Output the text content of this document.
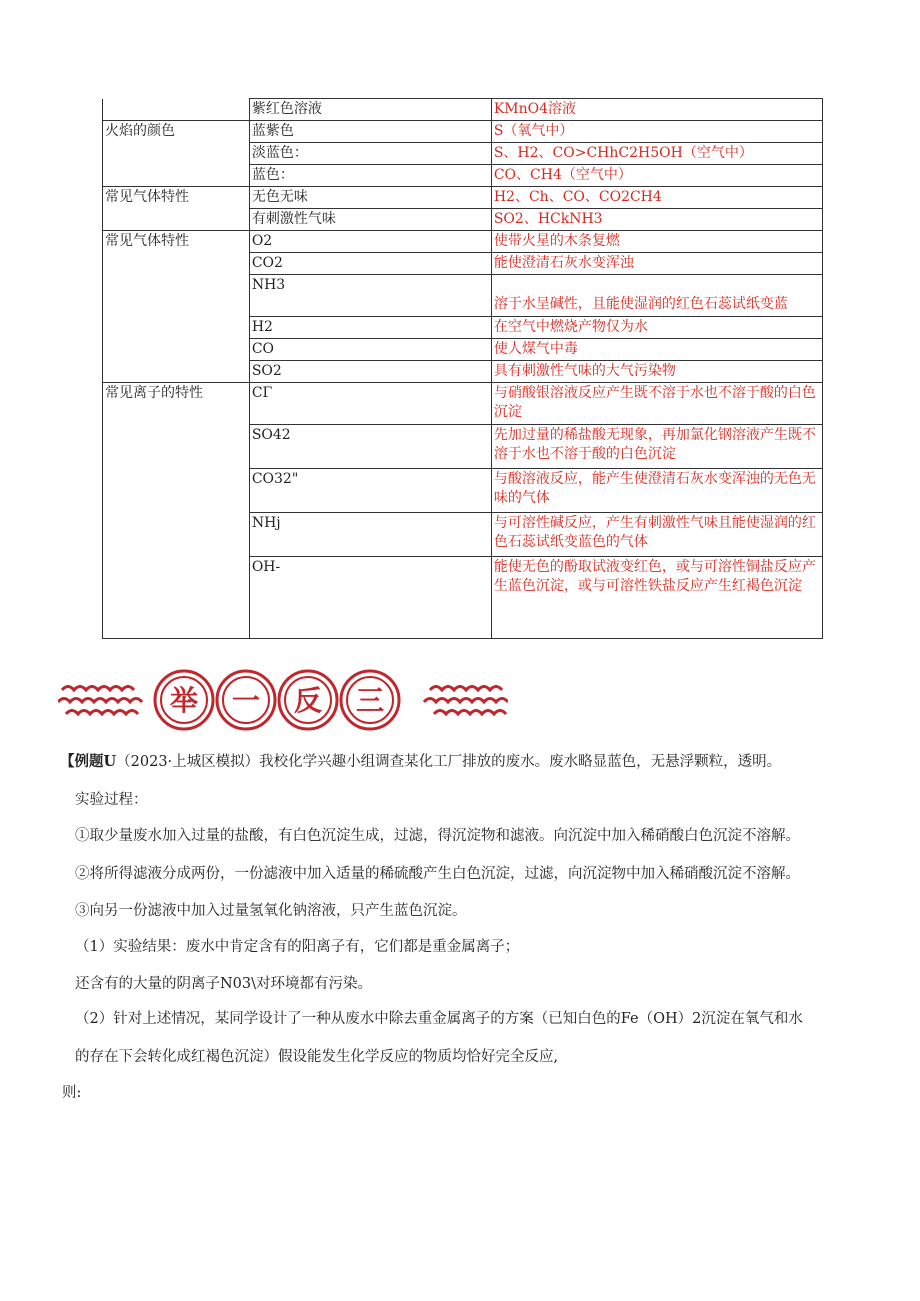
	紫红色溶液	KMnO4溶液
火焰的颜色	蓝紫色	S（氧气中）
	淡蓝色：	S、H2、CO>CHhC2H5OH（空气中）
	蓝色：	CO、CH4（空气中）
常见气体特性	无色无味	H2、Ch、CO、CO2CH4
	有刺激性气味	SO2、HCkNH3
常见气体特性	O2	使带火星的木条复燃
	CO2	能使澄清石灰水变浑浊
	NH3	溶于水呈碱性，且能使湿润的红色石蕊试纸变蓝
	H2	在空气中燃烧产物仅为水
	CO	使人煤气中毒
	SO2	具有刺激性气味的大气污染物
常见离子的特性	CΓ	与硝酸银溶液反应产生既不溶于水也不溶于酸的白色沉淀
	SO42	先加过量的稀盐酸无现象，再加氯化钢溶液产生既不溶于水也不溶于酸的白色沉淀
	CO32"	与酸溶液反应，能产生使澄清石灰水变浑浊的无色无味的气体
	NHj	与可溶性碱反应，产生有刺激性气味且能使湿润的红色石蕊试纸变蓝色的气体
	OH-	能使无色的酚取试液变红色，或与可溶性铜盐反应产生蓝色沉淀，或与可溶性铁盐反应产生红褐色沉淀
举 一 反 三
【例题U（2023·上城区模拟）我校化学兴趣小组调查某化工厂排放的废水。废水略显蓝色，无悬浮颗粒，透明。
实验过程：
①取少量废水加入过量的盐酸，有白色沉淀生成，过滤，得沉淀物和滤液。向沉淀中加入稀硝酸白色沉淀不溶解。
②将所得滤液分成两份，一份滤液中加入适量的稀硫酸产生白色沉淀，过滤，向沉淀物中加入稀硝酸沉淀不溶解。
③向另一份滤液中加入过量氢氧化钠溶液，只产生蓝色沉淀。
（1）实验结果：废水中肯定含有的阳离子有，它们都是重金属离子；
还含有的大量的阴离子N03\对环境都有污染。
（2）针对上述情况，某同学设计了一种从废水中除去重金属离子的方案（已知白色的Fe（OH）2沉淀在氧气和水
的存在下会转化成红褐色沉淀）假设能发生化学反应的物质均恰好完全反应,
则:
